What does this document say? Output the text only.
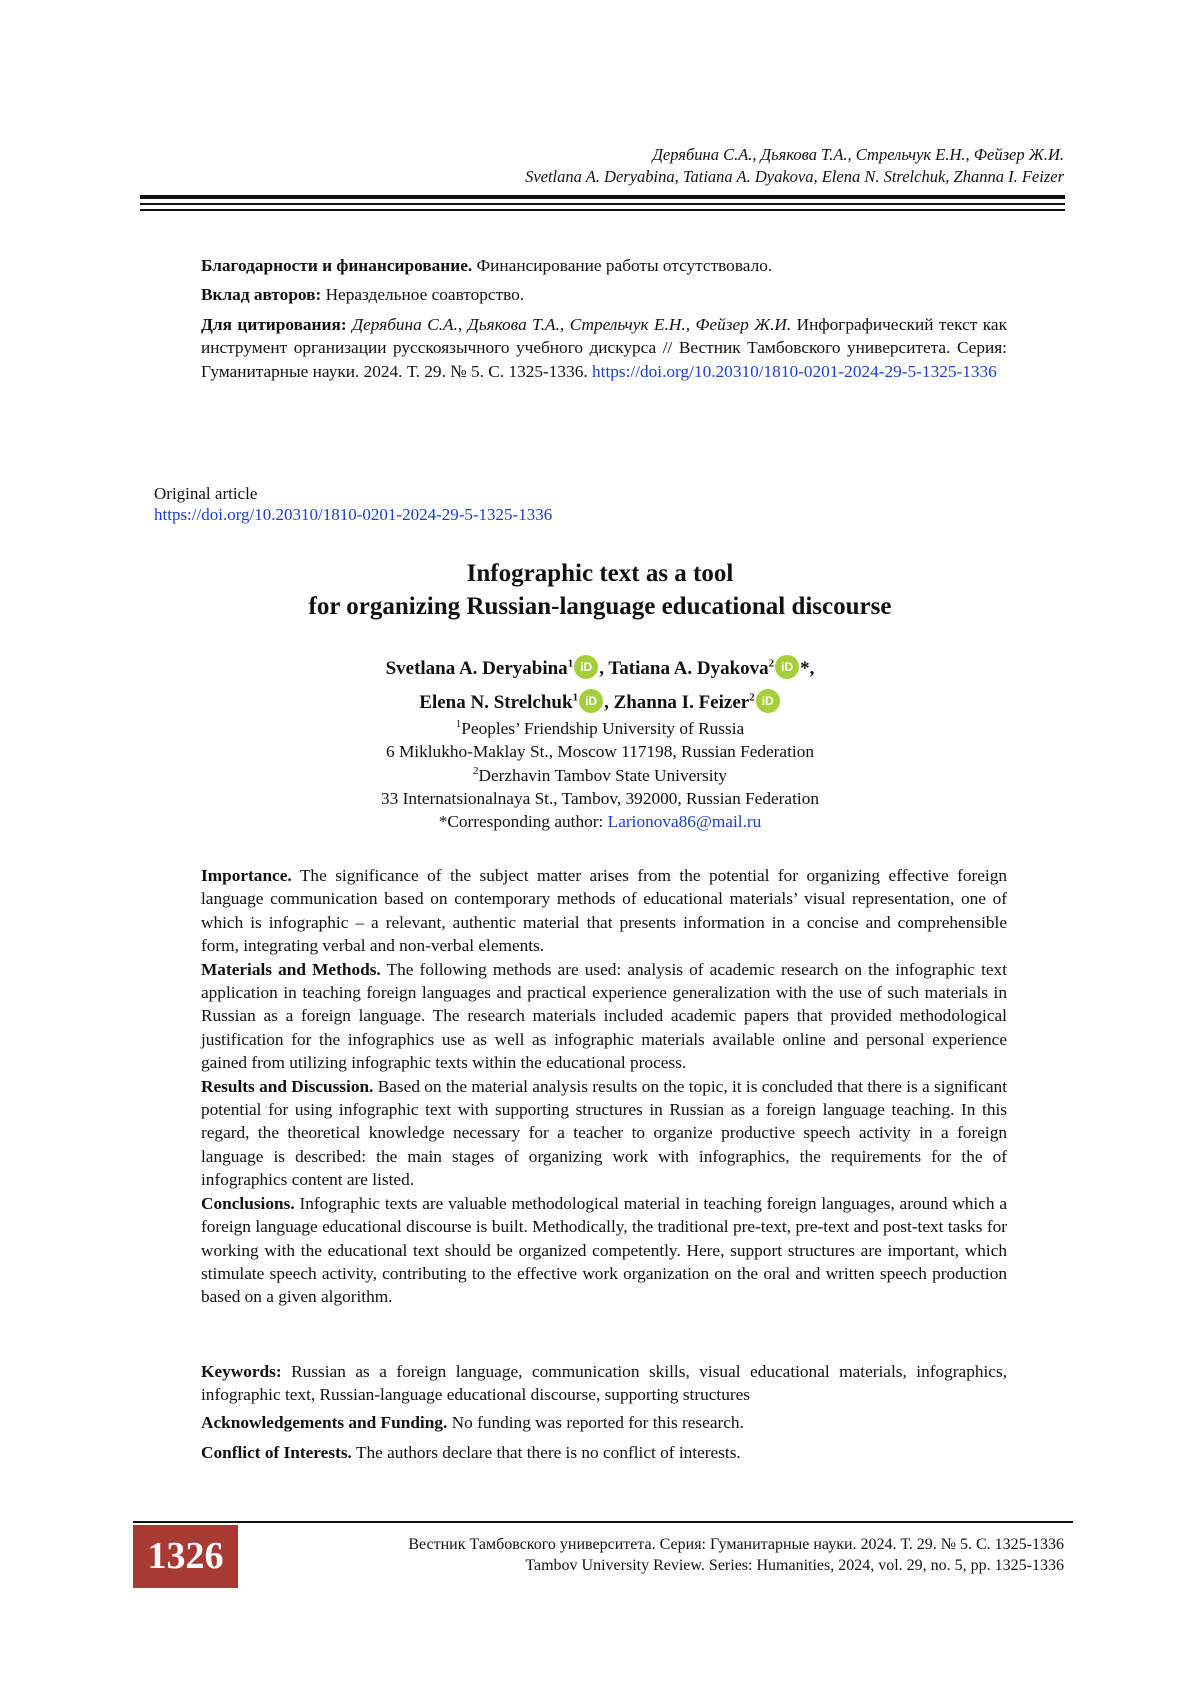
Дерябина С.А., Дьякова Т.А., Стрельчук Е.Н., Фейзер Ж.И.
Svetlana A. Deryabina, Tatiana A. Dyakova, Elena N. Strelchuk, Zhanna I. Feizer
Благодарности и финансирование. Финансирование работы отсутствовало.
Вклад авторов: Нераздельное соавторство.
Для цитирования: Дерябина С.А., Дьякова Т.А., Стрельчук Е.Н., Фейзер Ж.И. Инфографический текст как инструмент организации русскоязычного учебного дискурса // Вестник Тамбовского университета. Серия: Гуманитарные науки. 2024. Т. 29. № 5. С. 1325-1336. https://doi.org/10.20310/1810-0201-2024-29-5-1325-1336
Original article
https://doi.org/10.20310/1810-0201-2024-29-5-1325-1336
Infographic text as a tool
for organizing Russian-language educational discourse
Svetlana A. Deryabina$^1$ iD , Tatiana A. Dyakova$^2$ iD *,
Elena N. Strelchuk$^1$ iD , Zhanna I. Feizer$^2$ iD
$^1$Peoples’ Friendship University of Russia
6 Miklukho-Maklay St., Moscow 117198, Russian Federation
$^2$Derzhavin Tambov State University
33 Internatsionalnaya St., Tambov, 392000, Russian Federation
*Corresponding author: Larionova86@mail.ru

Importance. The significance of the subject matter arises from the potential for organizing effective foreign language communication based on contemporary methods of educational materials’ visual representation, one of which is infographic – a relevant, authentic material that presents information in a concise and comprehensible form, integrating verbal and non-verbal elements.

Materials and Methods. The following methods are used: analysis of academic research on the infographic text application in teaching foreign languages and practical experience generalization with the use of such materials in Russian as a foreign language. The research materials included academic papers that provided methodological justification for the infographics use as well as infographic materials available online and personal experience gained from utilizing infographic texts within the educational process.

Results and Discussion. Based on the material analysis results on the topic, it is concluded that there is a significant potential for using infographic text with supporting structures in Russian as a foreign language teaching. In this regard, the theoretical knowledge necessary for a teacher to organize productive speech activity in a foreign language is described: the main stages of organizing work with infographics, the requirements for the of infographics content are listed.

Conclusions. Infographic texts are valuable methodological material in teaching foreign languages, around which a foreign language educational discourse is built. Methodically, the traditional pre-text, pre-text and post-text tasks for working with the educational text should be organized competently. Here, support structures are important, which stimulate speech activity, contributing to the effective work organization on the oral and written speech production based on a given algorithm.

Keywords: Russian as a foreign language, communication skills, visual educational materials, infographics, infographic text, Russian-language educational discourse, supporting structures
Acknowledgements and Funding. No funding was reported for this research.
Conflict of Interests. The authors declare that there is no conflict of interests.
1326	Вестник Тамбовского университета. Серия: Гуманитарные науки. 2024. Т. 29. № 5. С. 1325-1336
Tambov University Review. Series: Humanities, 2024, vol. 29, no. 5, pp. 1325-1336
